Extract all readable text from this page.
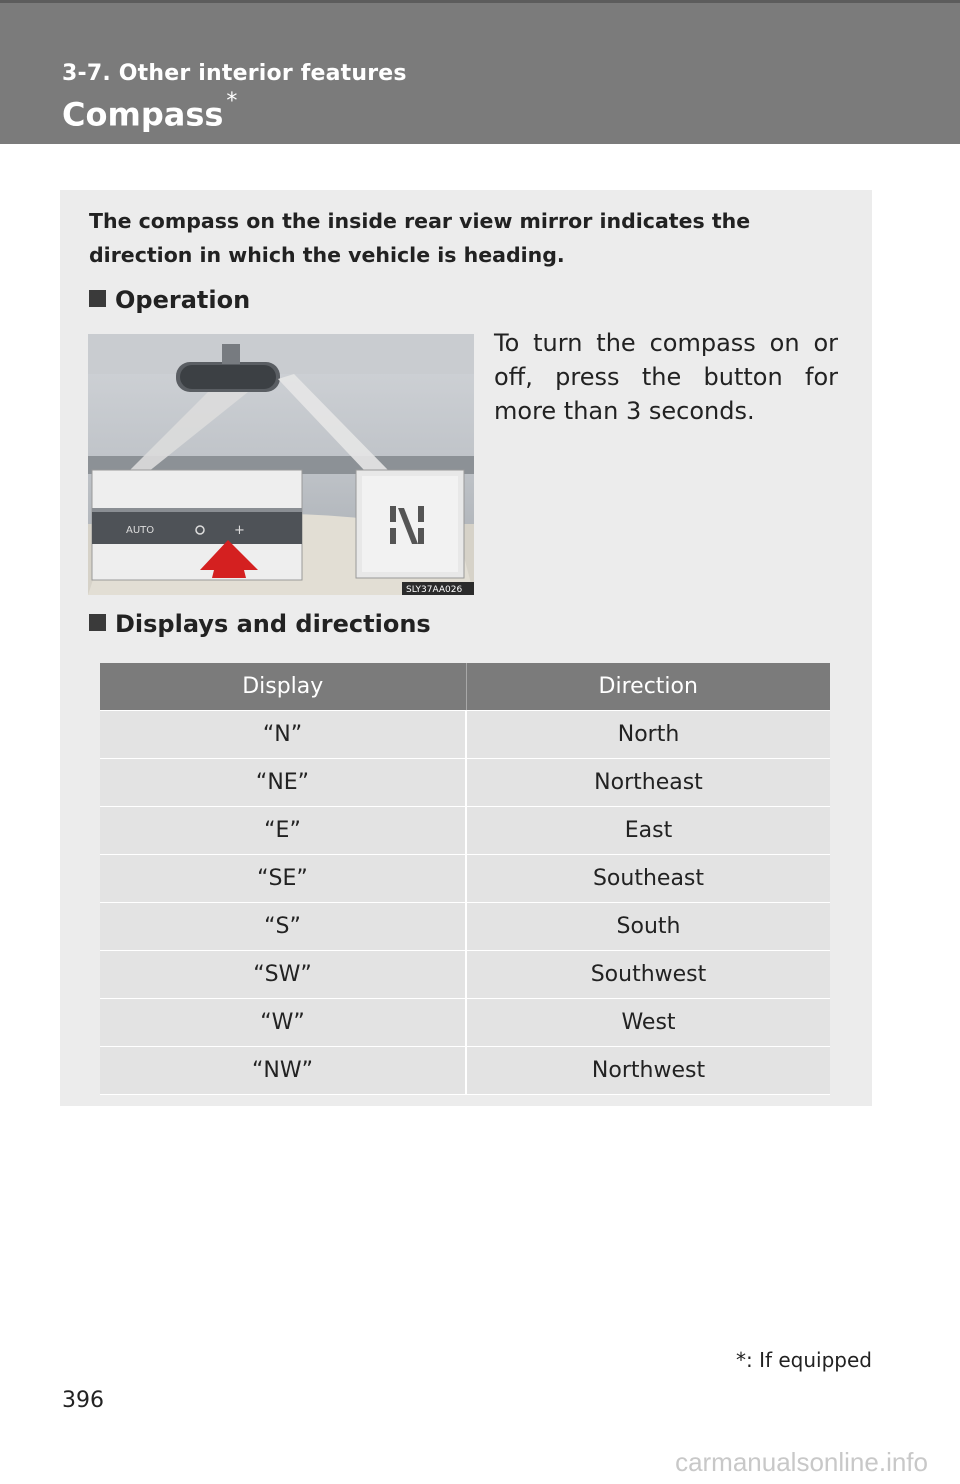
3-7. Other interior features
Compass *
The compass on the inside rear view mirror indicates the direction in which the vehicle is heading.
Operation
AUTO	+
SLY37AA026
To turn the compass on or off, press the button for more than 3 seconds.
Displays and directions
Display	Direction
“N”	North
“NE”	Northeast
“E”	East
“SE”	Southeast
“S”	South
“SW”	Southwest
“W”	West
“NW”	Northwest
*: If equipped
396
carmanualsonline.info
